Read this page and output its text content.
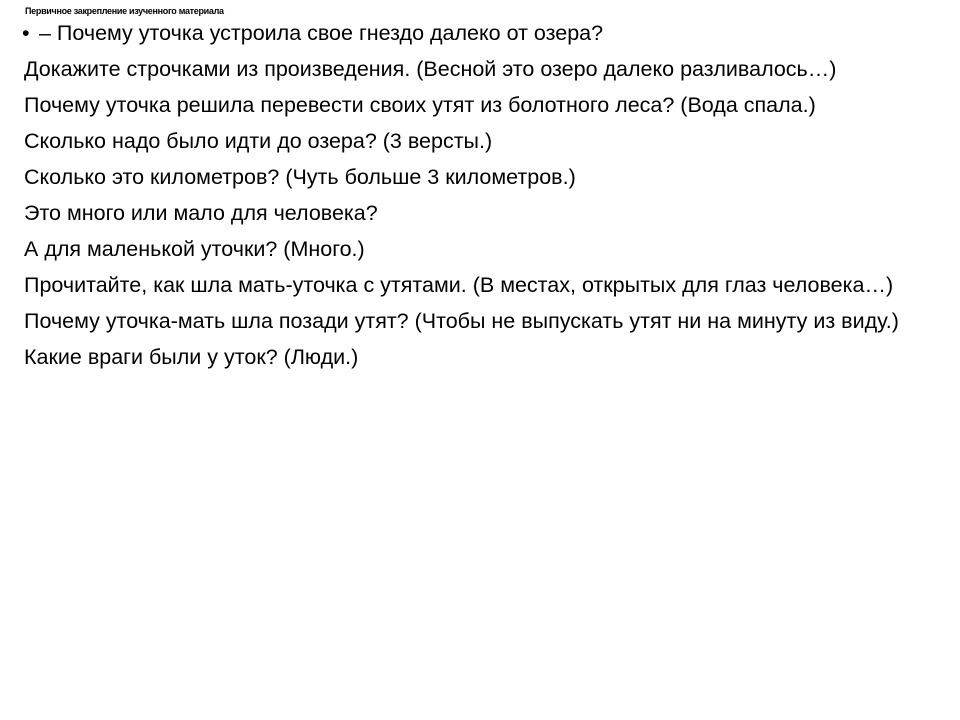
Первичное закрепление изученного материала
• – Почему уточка устроила свое гнездо далеко от озера?
Докажите строчками из произведения. (Весной это озеро далеко разливалось…)
Почему уточка решила перевести своих утят из болотного леса? (Вода спала.)
Сколько надо было идти до озера? (3 версты.)
Сколько это километров? (Чуть больше 3 километров.)
Это много или мало для человека?
А для маленькой уточки? (Много.)
Прочитайте, как шла мать-уточка с утятами. (В местах, открытых для глаз человека…)
Почему уточка-мать шла позади утят? (Чтобы не выпускать утят ни на минуту из виду.)
Какие враги были у уток? (Люди.)
